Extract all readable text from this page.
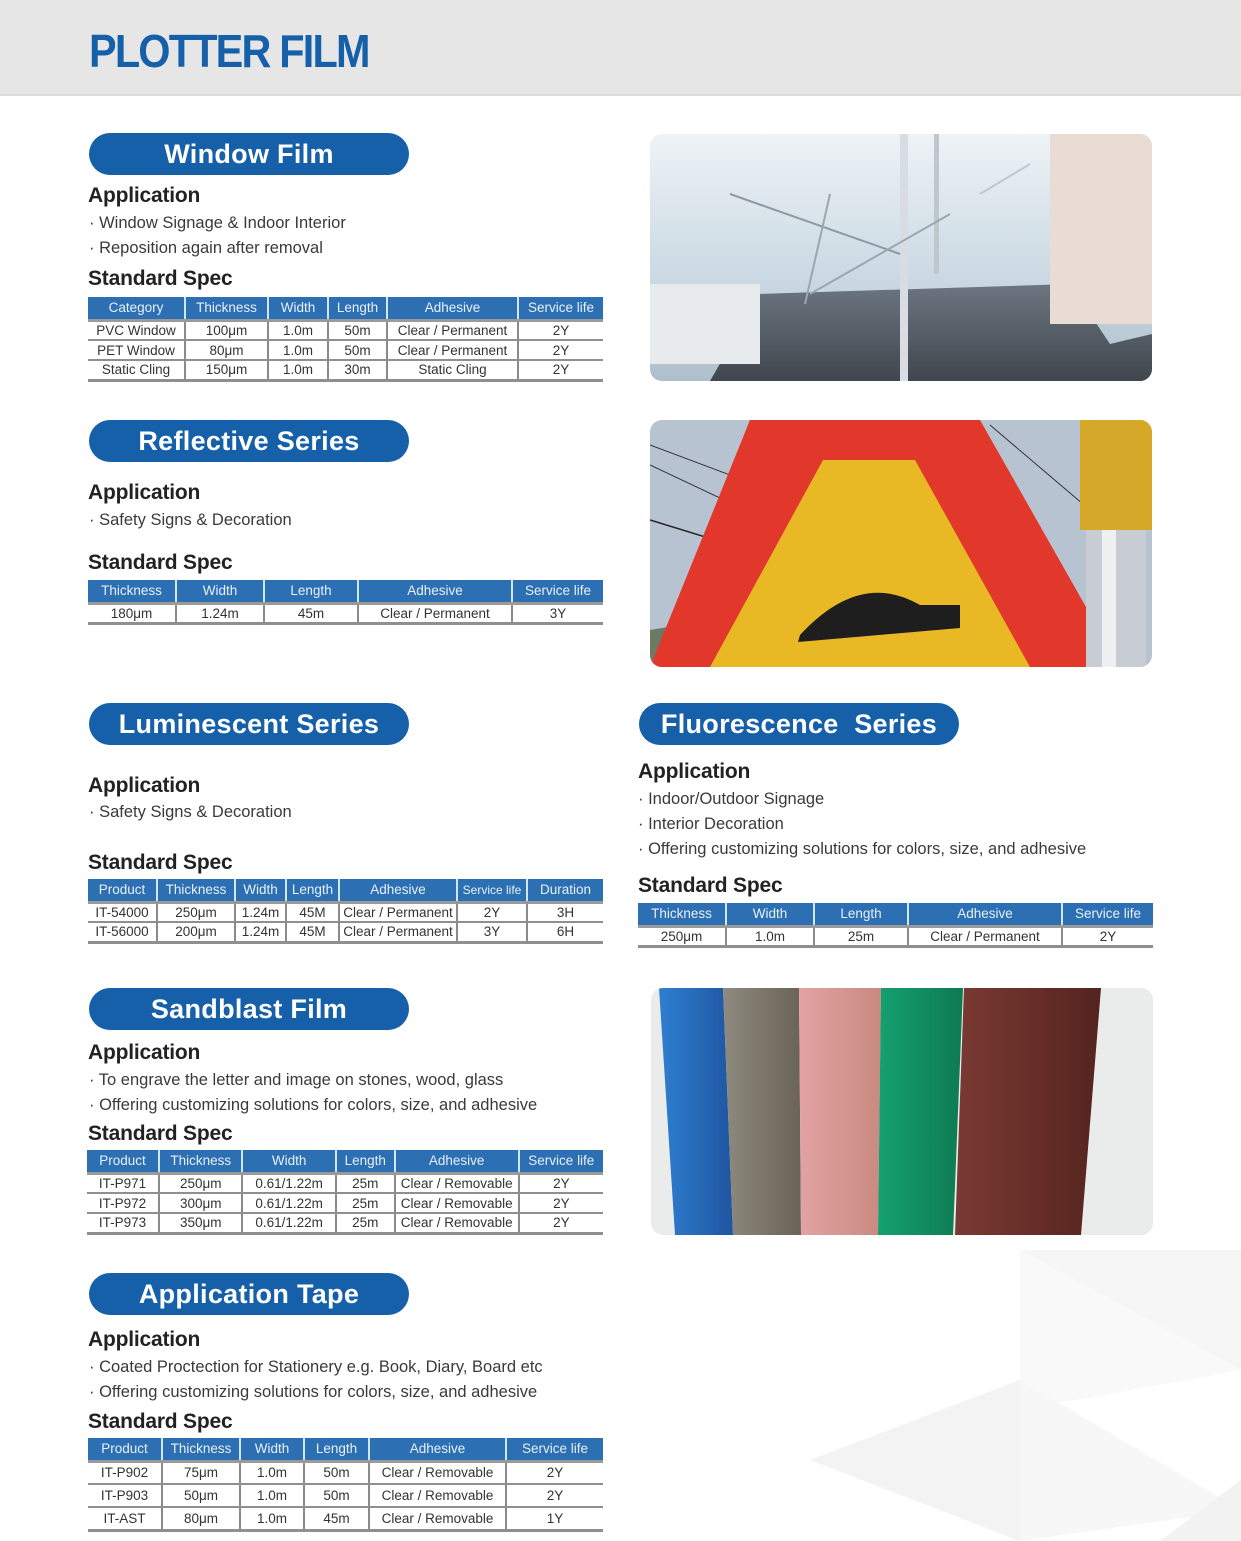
PLOTTER FILM
Window Film
Application
· Window Signage & Indoor Interior
· Reposition again after removal
Standard Spec
Category	Thickness	Width	Length	Adhesive	Service life
PVC Window	100μm	1.0m	50m	Clear / Permanent	2Y
PET Window	80μm	1.0m	50m	Clear / Permanent	2Y
Static Cling	150μm	1.0m	30m	Static Cling	2Y
Reflective Series
Application
· Safety Signs & Decoration
Standard Spec
Thickness	Width	Length	Adhesive	Service life
180μm	1.24m	45m	Clear / Permanent	3Y
Luminescent Series
Application
· Safety Signs & Decoration
Standard Spec
Product	Thickness	Width	Length	Adhesive	Service life	Duration
IT-54000	250μm	1.24m	45M	Clear / Permanent	2Y	3H
IT-56000	200μm	1.24m	45M	Clear / Permanent	3Y	6H
Fluorescence  Series
Application
· Indoor/Outdoor Signage
· Interior Decoration
· Offering customizing solutions for colors, size, and adhesive
Standard Spec
Thickness	Width	Length	Adhesive	Service life
250μm	1.0m	25m	Clear / Permanent	2Y
Sandblast Film
Application
· To engrave the letter and image on stones, wood, glass
· Offering customizing solutions for colors, size, and adhesive
Standard Spec
Product	Thickness	Width	Length	Adhesive	Service life
IT-P971	250μm	0.61/1.22m	25m	Clear / Removable	2Y
IT-P972	300μm	0.61/1.22m	25m	Clear / Removable	2Y
IT-P973	350μm	0.61/1.22m	25m	Clear / Removable	2Y
Application Tape
Application
· Coated Proctection for Stationery e.g. Book, Diary, Board etc
· Offering customizing solutions for colors, size, and adhesive
Standard Spec
Product	Thickness	Width	Length	Adhesive	Service life
IT-P902	75μm	1.0m	50m	Clear / Removable	2Y
IT-P903	50μm	1.0m	50m	Clear / Removable	2Y
IT-AST	80μm	1.0m	45m	Clear / Removable	1Y
